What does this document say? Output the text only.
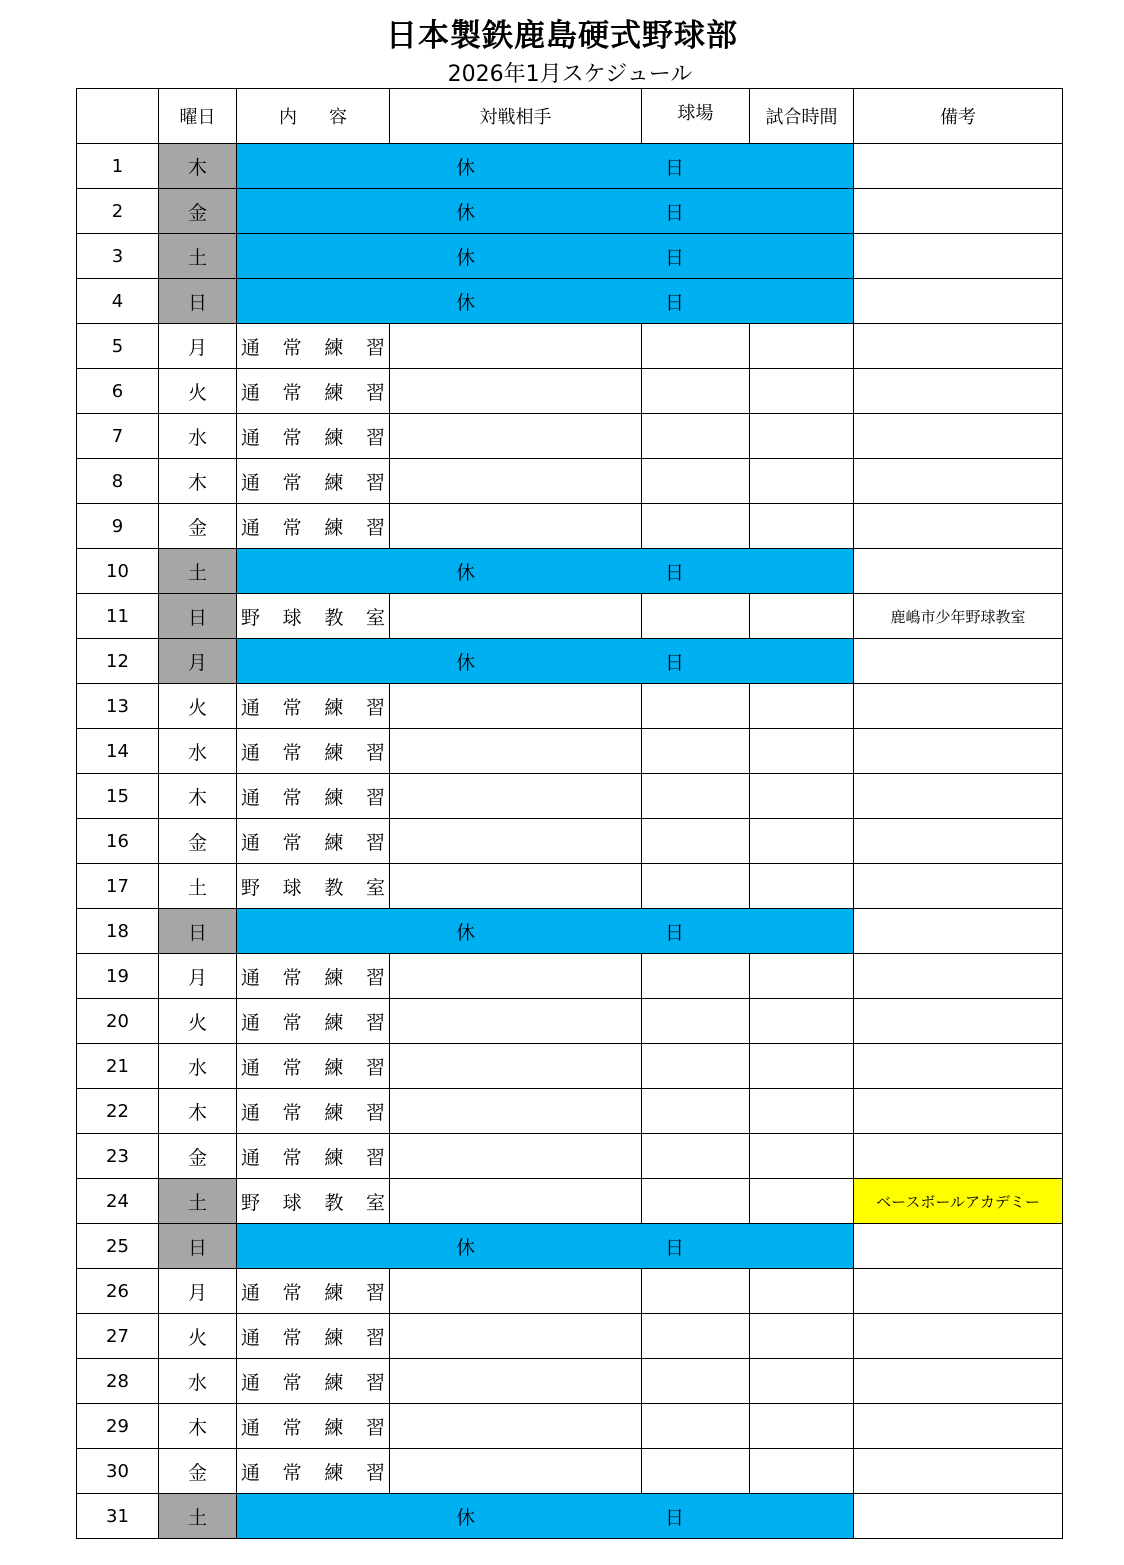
日本製鉄鹿島硬式野球部
2026年1月スケジュール
	曜日	内 容	対戦相手	球場	試合時間	備考
1	木	休 日				
2	金	休 日				
3	土	休 日				
4	日	休 日				
5	月	通常練習				
6	火	通常練習				
7	水	通常練習				
8	木	通常練習				
9	金	通常練習				
10	土	休 日				
11	日	野球教室				鹿嶋市少年野球教室
12	月	休 日				
13	火	通常練習				
14	水	通常練習				
15	木	通常練習				
16	金	通常練習				
17	土	野球教室				
18	日	休 日				
19	月	通常練習				
20	火	通常練習				
21	水	通常練習				
22	木	通常練習				
23	金	通常練習				
24	土	野球教室				ベースボールアカデミー
25	日	休 日				
26	月	通常練習				
27	火	通常練習				
28	水	通常練習				
29	木	通常練習				
30	金	通常練習				
31	土	休 日				
